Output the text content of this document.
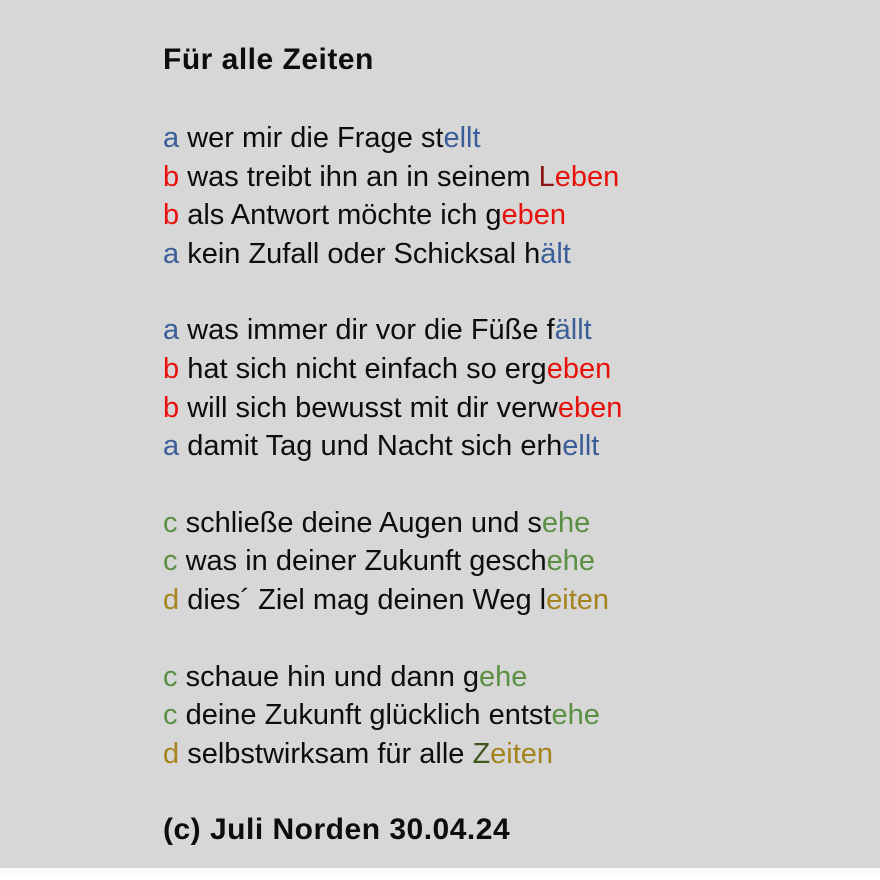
Für alle Zeiten
a wer mir die Frage stellt
b was treibt ihn an in seinem Leben
b als Antwort möchte ich geben
a kein Zufall oder Schicksal hält
a was immer dir vor die Füße fällt
b hat sich nicht einfach so ergeben
b will sich bewusst mit dir verweben
a damit Tag und Nacht sich erhellt
c schließe deine Augen und sehe
c was in deiner Zukunft geschehe
d dies´ Ziel mag deinen Weg leiten
c schaue hin und dann gehe
c deine Zukunft glücklich entstehe
d selbstwirksam für alle Zeiten
(c) Juli Norden 30.04.24
